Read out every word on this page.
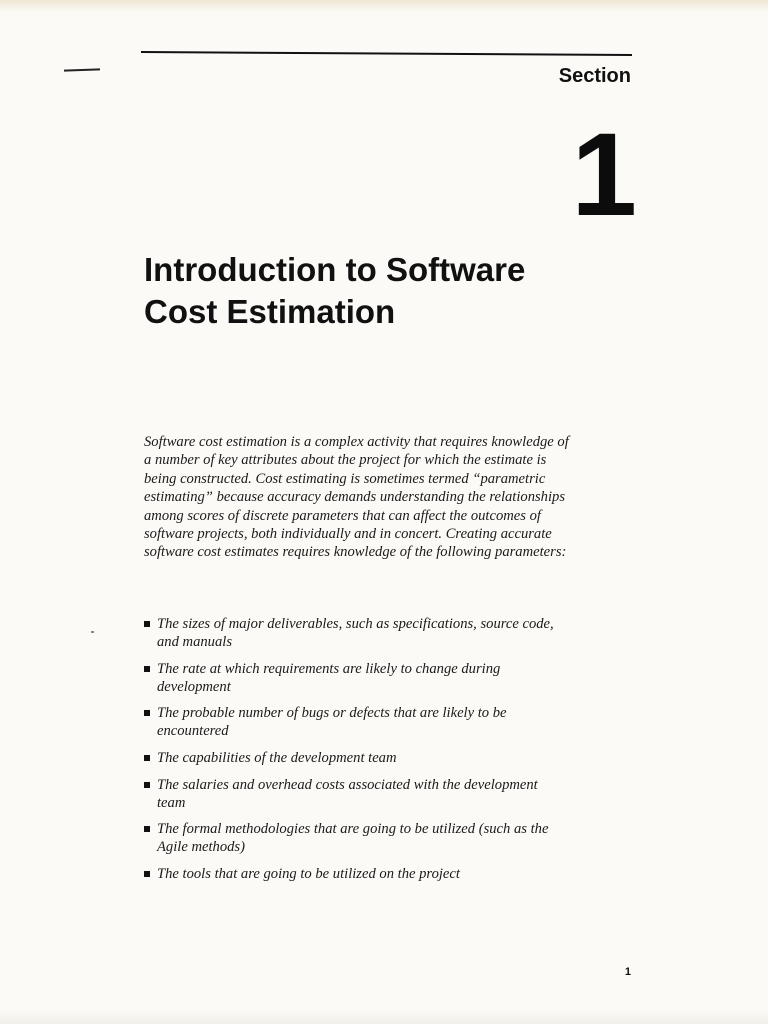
Section
1
Introduction to Software
Cost Estimation

Software cost estimation is a complex activity that requires knowledge of a number of key attributes about the project for which the estimate is being constructed. Cost estimating is sometimes termed “parametric estimating” because accuracy demands understanding the relationships among scores of discrete parameters that can affect the outcomes of software projects, both individually and in concert. Creating accurate software cost estimates requires knowledge of the following parameters:

The sizes of major deliverables, such as specifications, source code, and manuals
The rate at which requirements are likely to change during development
The probable number of bugs or defects that are likely to be encountered
The capabilities of the development team
The salaries and overhead costs associated with the development team
The formal methodologies that are going to be utilized (such as the Agile methods)
The tools that are going to be utilized on the project
1
